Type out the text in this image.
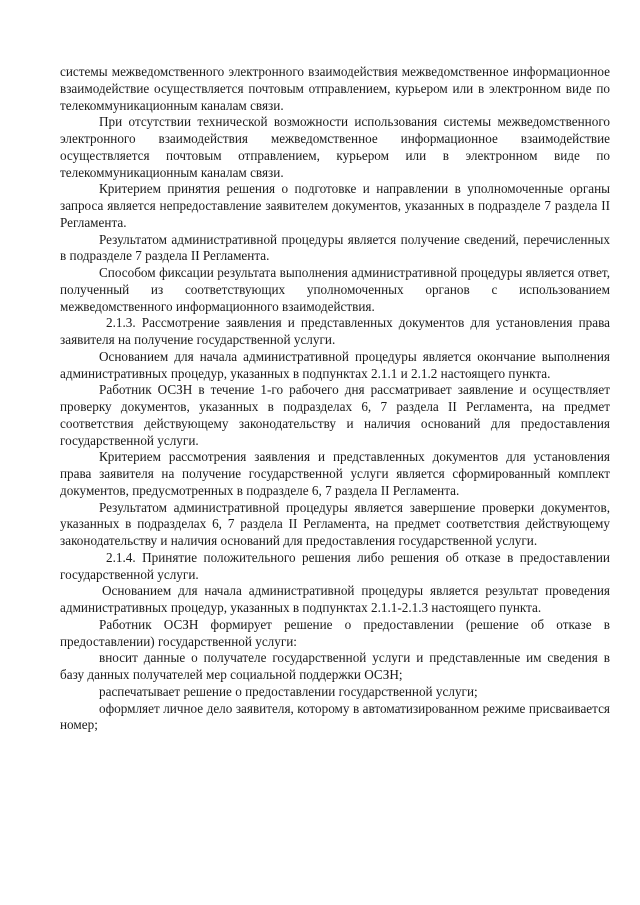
системы межведомственного электронного взаимодействия межведомственное информационное взаимодействие осуществляется почтовым отправлением, курьером или в электронном виде по телекоммуникационным каналам связи.

При отсутствии технической возможности использования системы межведомственного электронного взаимодействия межведомственное информационное взаимодействие осуществляется почтовым отправлением, курьером или в электронном виде по телекоммуникационным каналам связи.

Критерием принятия решения о подготовке и направлении в уполномоченные органы запроса является непредоставление заявителем документов, указанных в подразделе 7 раздела II Регламента.

Результатом административной процедуры является получение сведений, перечисленных в подразделе 7 раздела II Регламента.

Способом фиксации результата выполнения административной процедуры является ответ, полученный из соответствующих уполномоченных органов с использованием межведомственного информационного взаимодействия.

2.1.3. Рассмотрение заявления и представленных документов для установления права заявителя на получение государственной услуги.

Основанием для начала административной процедуры является окончание выполнения административных процедур, указанных в подпунктах 2.1.1 и 2.1.2 настоящего пункта.

Работник ОСЗН в течение 1-го рабочего дня рассматривает заявление и осуществляет проверку документов, указанных в подразделах 6, 7 раздела II Регламента, на предмет соответствия действующему законодательству и наличия оснований для предоставления государственной услуги.

Критерием рассмотрения заявления и представленных документов для установления права заявителя на получение государственной услуги является сформированный комплект документов, предусмотренных в подразделе 6, 7 раздела II Регламента.

Результатом административной процедуры является завершение проверки документов, указанных в подразделах 6, 7 раздела II Регламента, на предмет соответствия действующему законодательству и наличия оснований для предоставления государственной услуги.

2.1.4. Принятие положительного решения либо решения об отказе в предоставлении государственной услуги.

Основанием для начала административной процедуры является результат проведения административных процедур, указанных в подпунктах 2.1.1-2.1.3 настоящего пункта.

Работник ОСЗН формирует решение о предоставлении (решение об отказе в предоставлении) государственной услуги:

вносит данные о получателе государственной услуги и представленные им сведения в базу данных получателей мер социальной поддержки ОСЗН;

распечатывает решение о предоставлении государственной услуги;

оформляет личное дело заявителя, которому в автоматизированном режиме присваивается номер;
